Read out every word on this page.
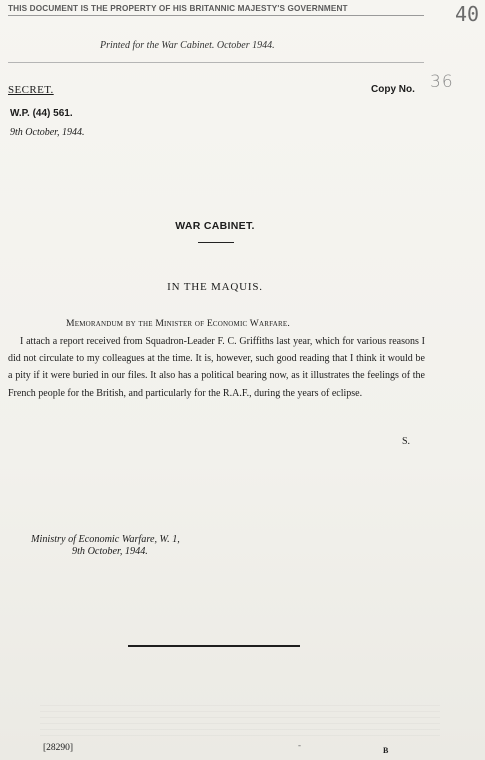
THIS DOCUMENT IS THE PROPERTY OF HIS BRITANNIC MAJESTY'S GOVERNMENT	40
Printed for the War Cabinet. October 1944.
SECRET.	Copy No. 36
W.P. (44) 561.
9th October, 1944.
WAR CABINET.
IN THE MAQUIS.
Memorandum by the Minister of Economic Warfare.

I attach a report received from Squadron-Leader F. C. Griffiths last year, which for various reasons I did not circulate to my colleagues at the time. It is, however, such good reading that I think it would be a pity if it were buried in our files. It also has a political bearing now, as it illustrates the feelings of the French people for the British, and particularly for the R.A.F., during the years of eclipse.

S.
Ministry of Economic Warfare, W. 1,
9th October, 1944.
-
[28290]	B
